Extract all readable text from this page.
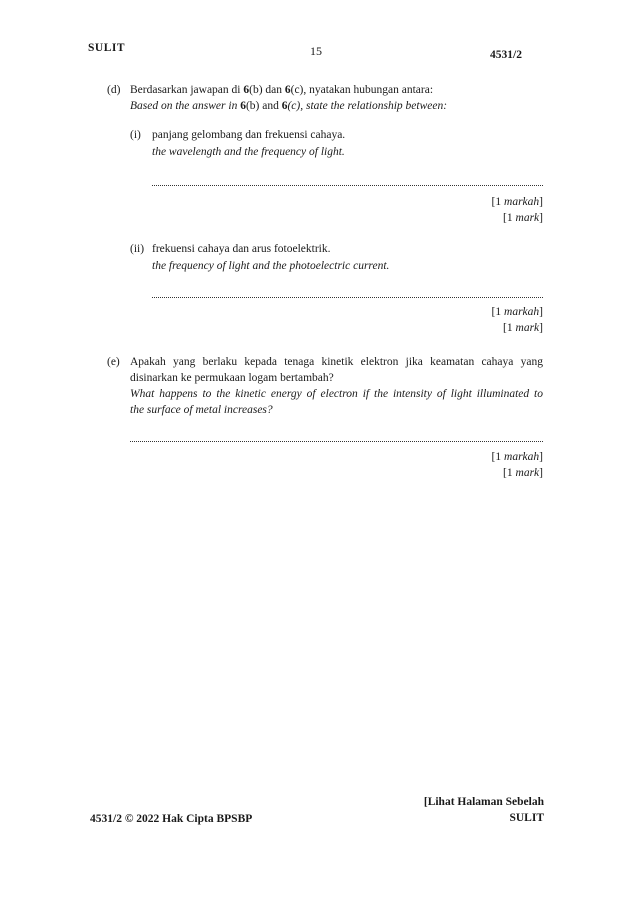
SULIT	15	4531/2
(d) Berdasarkan jawapan di 6(b) dan 6(c), nyatakan hubungan antara:
Based on the answer in 6(b) and 6(c), state the relationship between:
(i) panjang gelombang dan frekuensi cahaya.
the wavelength and the frequency of light.
[1 markah]
[1 mark]
(ii) frekuensi cahaya dan arus fotoelektrik.
the frequency of light and the photoelectric current.
[1 markah]
[1 mark]
(e) Apakah yang berlaku kepada tenaga kinetik elektron jika keamatan cahaya yang
disinarkan ke permukaan logam bertambah?
What happens to the kinetic energy of electron if the intensity of light illuminated to
the surface of metal increases?
[1 markah]
[1 mark]
4531/2 © 2022 Hak Cipta BPSBP
[Lihat Halaman Sebelah
SULIT
